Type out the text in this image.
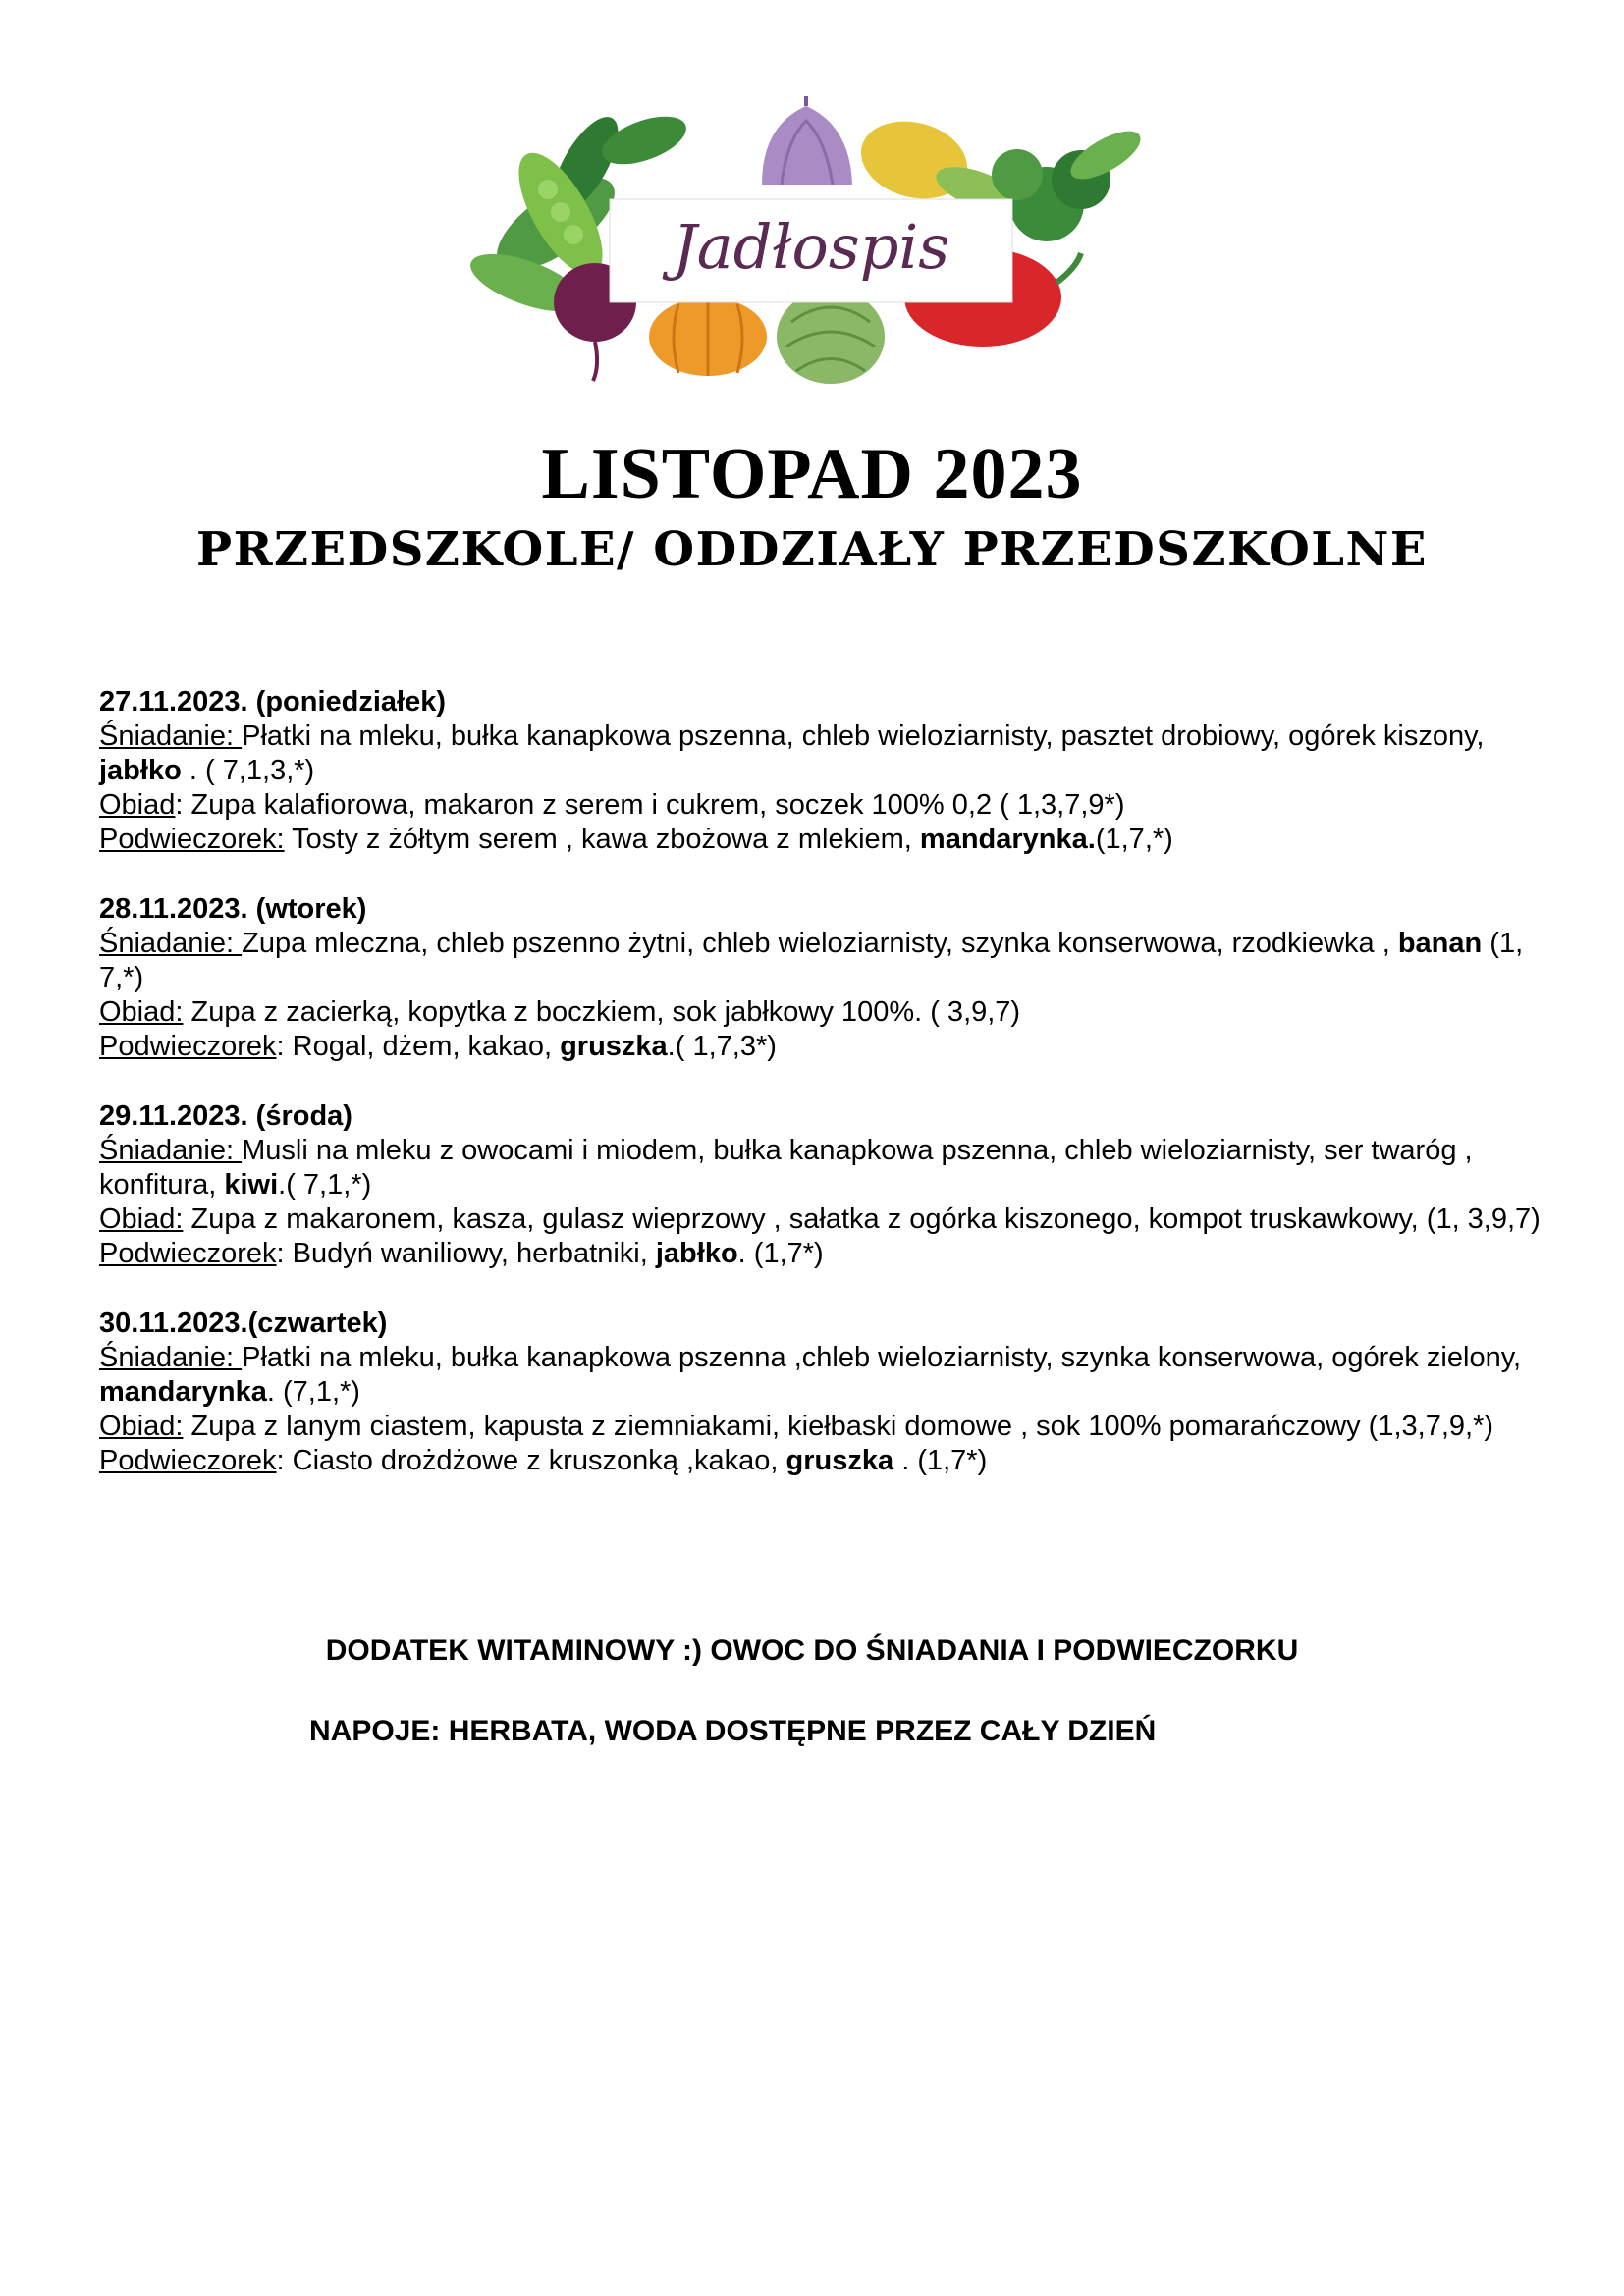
Jadłospis
LISTOPAD 2023
PRZEDSZKOLE/ ODDZIAŁY PRZEDSZKOLNE
27.11.2023. (poniedziałek)
Śniadanie: Płatki na mleku, bułka kanapkowa pszenna, chleb wieloziarnisty, pasztet drobiowy, ogórek kiszony, jabłko . ( 7,1,3,*)
Obiad: Zupa kalafiorowa, makaron z serem i cukrem, soczek 100% 0,2 ( 1,3,7,9*)
Podwieczorek: Tosty z żółtym serem , kawa zbożowa z mlekiem, mandarynka.(1,7,*)
28.11.2023. (wtorek)
Śniadanie: Zupa mleczna, chleb pszenno żytni, chleb wieloziarnisty, szynka konserwowa, rzodkiewka , banan (1, 7,*)
Obiad: Zupa z zacierką, kopytka z boczkiem, sok jabłkowy 100%. ( 3,9,7)
Podwieczorek: Rogal, dżem, kakao, gruszka.( 1,7,3*)
29.11.2023. (środa)
Śniadanie: Musli na mleku z owocami i miodem, bułka kanapkowa pszenna, chleb wieloziarnisty, ser twaróg , konfitura, kiwi.( 7,1,*)
Obiad: Zupa z makaronem, kasza, gulasz wieprzowy , sałatka z ogórka kiszonego, kompot truskawkowy, (1, 3,9,7)
Podwieczorek: Budyń waniliowy, herbatniki, jabłko. (1,7*)
30.11.2023.(czwartek)
Śniadanie: Płatki na mleku, bułka kanapkowa pszenna ,chleb wieloziarnisty, szynka konserwowa, ogórek zielony, mandarynka. (7,1,*)
Obiad: Zupa z lanym ciastem, kapusta z ziemniakami, kiełbaski domowe , sok 100% pomarańczowy (1,3,7,9,*)
Podwieczorek: Ciasto drożdżowe z kruszonką ,kakao, gruszka . (1,7*)
DODATEK WITAMINOWY :) OWOC DO ŚNIADANIA I PODWIECZORKU
NAPOJE: HERBATA, WODA DOSTĘPNE PRZEZ CAŁY DZIEŃ
